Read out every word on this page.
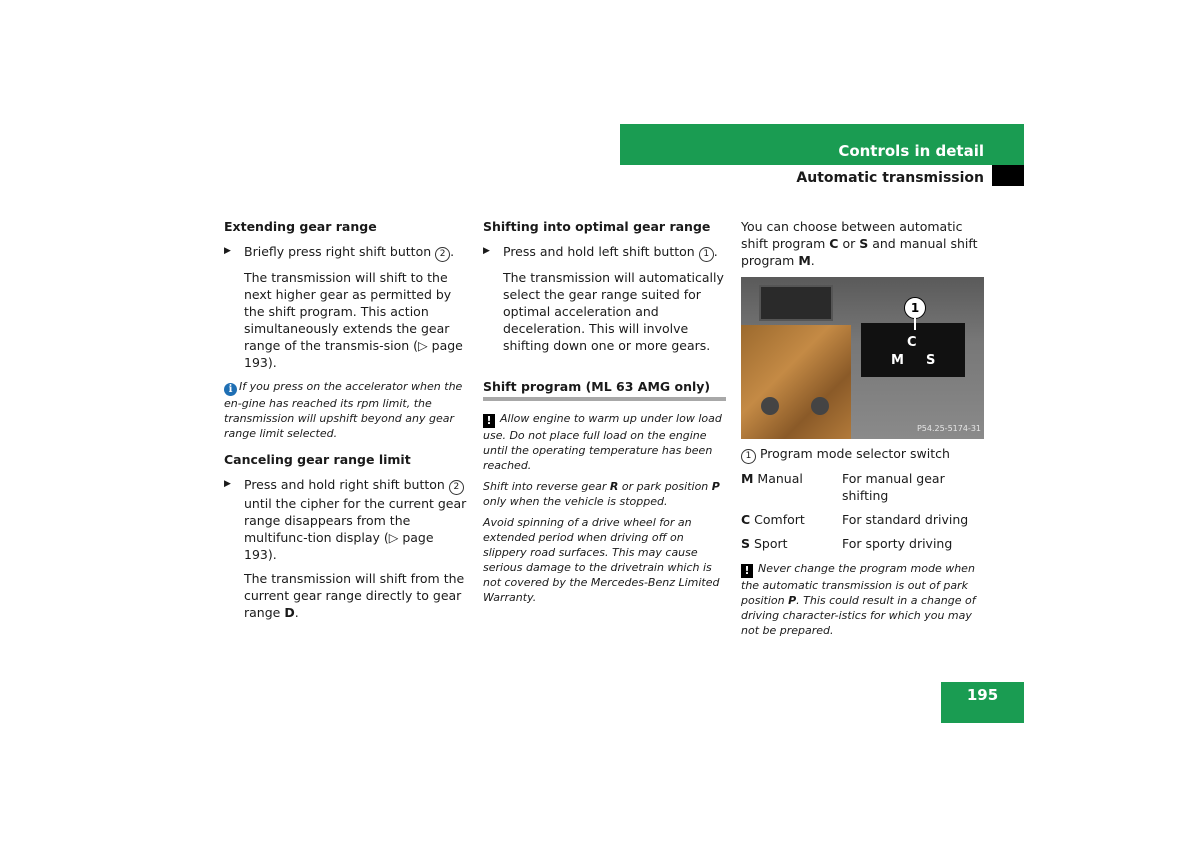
Controls in detail
Automatic transmission
Extending gear range
▶ Briefly press right shift button 2 .

The transmission will shift to the next higher gear as permitted by the shift program. This action simultaneously extends the gear range of the transmis-sion (▷ page 193).

i If you press on the accelerator when the en-gine has reached its rpm limit, the transmission will upshift beyond any gear range limit selected.

Canceling gear range limit
▶ Press and hold right shift button 2 until the cipher for the current gear range disappears from the multifunc-tion display (▷ page 193).

The transmission will shift from the current gear range directly to gear range D.

Shifting into optimal gear range
▶ Press and hold left shift button 1 .

The transmission will automatically select the gear range suited for optimal acceleration and deceleration. This will involve shifting down one or more gears.

Shift program (ML 63 AMG only)

! Allow engine to warm up under low load use. Do not place full load on the engine until the operating temperature has been reached.

Shift into reverse gear R or park position P only when the vehicle is stopped.

Avoid spinning of a drive wheel for an extended period when driving off on slippery road surfaces. This may cause serious damage to the drivetrain which is not covered by the Mercedes-Benz Limited Warranty.

You can choose between automatic shift program C or S and manual shift program M.

1
C
M S
P54.25-5174-31

1 Program mode selector switch

M Manual	For manual gear shifting
C Comfort	For standard driving
S Sport	For sporty driving

! Never change the program mode when the automatic transmission is out of park position P. This could result in a change of driving character-istics for which you may not be prepared.

195
